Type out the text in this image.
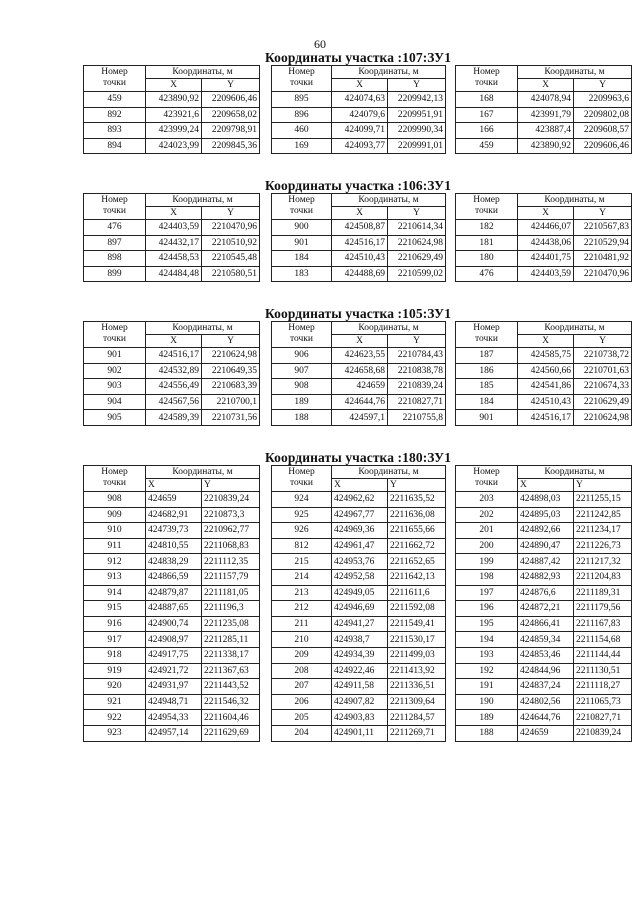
60
Координаты участка :107:ЗУ1
Номер
точки	Координаты, м	
	X	Y
459	423890,92	2209606,46
892	423921,6	2209658,02
893	423999,24	2209798,91
894	424023,99	2209845,36
Номер
точки	Координаты, м	
	X	Y
895	424074,63	2209942,13
896	424079,6	2209951,91
460	424099,71	2209990,34
169	424093,77	2209991,01
Номер
точки	Координаты, м	
	X	Y
168	424078,94	2209963,6
167	423991,79	2209802,08
166	423887,4	2209608,57
459	423890,92	2209606,46
Координаты участка :106:ЗУ1
Номер
точки	Координаты, м	
	X	Y
476	424403,59	2210470,96
897	424432,17	2210510,92
898	424458,53	2210545,48
899	424484,48	2210580,51
Номер
точки	Координаты, м	
	X	Y
900	424508,87	2210614,34
901	424516,17	2210624,98
184	424510,43	2210629,49
183	424488,69	2210599,02
Номер
точки	Координаты, м	
	X	Y
182	424466,07	2210567,83
181	424438,06	2210529,94
180	424401,75	2210481,92
476	424403,59	2210470,96
Координаты участка :105:ЗУ1
Номер
точки	Координаты, м	
	X	Y
901	424516,17	2210624,98
902	424532,89	2210649,35
903	424556,49	2210683,39
904	424567,56	2210700,1
905	424589,39	2210731,56
Номер
точки	Координаты, м	
	X	Y
906	424623,55	2210784,43
907	424658,68	2210838,78
908	424659	2210839,24
189	424644,76	2210827,71
188	424597,1	2210755,8
Номер
точки	Координаты, м	
	X	Y
187	424585,75	2210738,72
186	424560,66	2210701,63
185	424541,86	2210674,33
184	424510,43	2210629,49
901	424516,17	2210624,98
Координаты участка :180:ЗУ1
Номер
точки	Координаты, м	
	X	Y
908	424659	2210839,24
909	424682,91	2210873,3
910	424739,73	2210962,77
911	424810,55	2211068,83
912	424838,29	2211112,35
913	424866,59	2211157,79
914	424879,87	2211181,05
915	424887,65	2211196,3
916	424900,74	2211235,08
917	424908,97	2211285,11
918	424917,75	2211338,17
919	424921,72	2211367,63
920	424931,97	2211443,52
921	424948,71	2211546,32
922	424954,33	2211604,46
923	424957,14	2211629,69
Номер
точки	Координаты, м	
	X	Y
924	424962,62	2211635,52
925	424967,77	2211636,08
926	424969,36	2211655,66
812	424961,47	2211662,72
215	424953,76	2211652,65
214	424952,58	2211642,13
213	424949,05	2211611,6
212	424946,69	2211592,08
211	424941,27	2211549,41
210	424938,7	2211530,17
209	424934,39	2211499,03
208	424922,46	2211413,92
207	424911,58	2211336,51
206	424907,82	2211309,64
205	424903,83	2211284,57
204	424901,11	2211269,71
Номер
точки	Координаты, м	
	X	Y
203	424898,03	2211255,15
202	424895,03	2211242,85
201	424892,66	2211234,17
200	424890,47	2211226,73
199	424887,42	2211217,32
198	424882,93	2211204,83
197	424876,6	2211189,31
196	424872,21	2211179,56
195	424866,41	2211167,83
194	424859,34	2211154,68
193	424853,46	2211144,44
192	424844,96	2211130,51
191	424837,24	2211118,27
190	424802,56	2211065,73
189	424644,76	2210827,71
188	424659	2210839,24
